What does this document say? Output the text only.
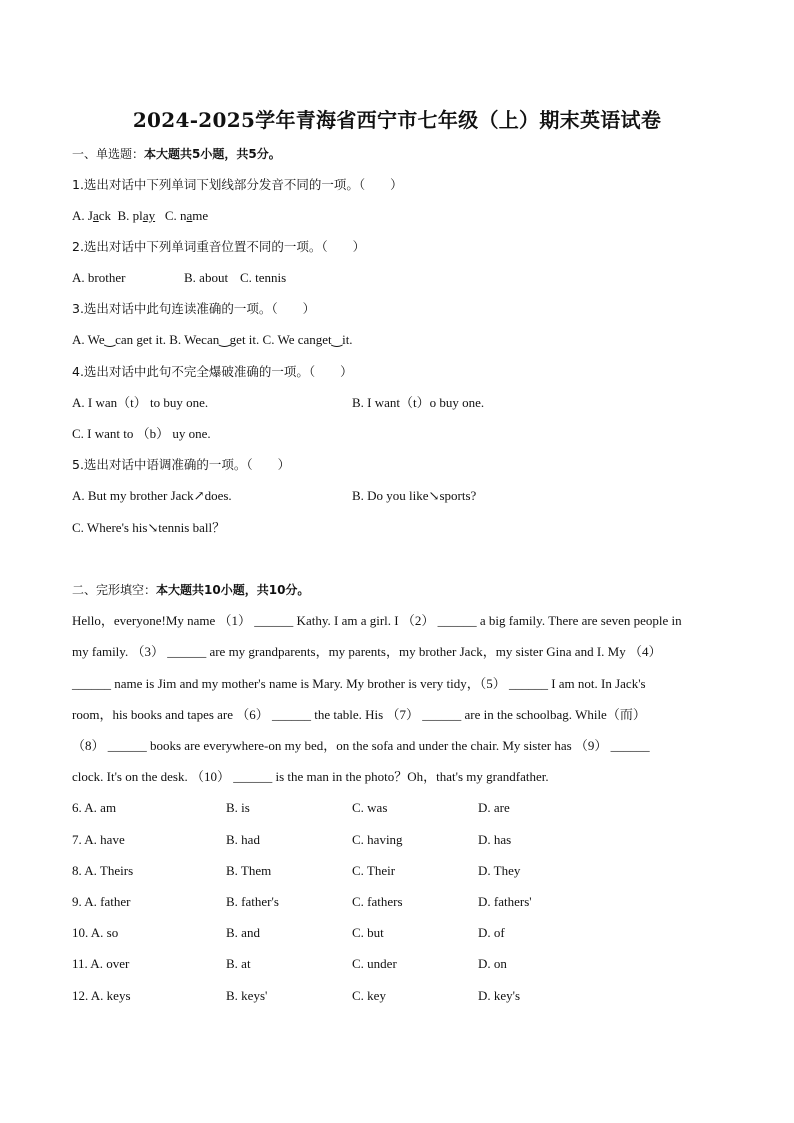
2024-2025学年青海省西宁市七年级（上）期末英语试卷
一、单选题：本大题共5小题，共5分。
1.选出对话中下列单词下划线部分发音不同的一项。（　　）
A. Jack B. play C. name
2.选出对话中下列单词重音位置不同的一项。（　　）
A. brother	B. about C. tennis
3.选出对话中此句连读准确的一项。（　　）
A. We‿can get it. B. Wecan‿get it. C. We canget‿it.
4.选出对话中此句不完全爆破准确的一项。（　　）
A. I wan（t） to buy one.	B. I want（t）o buy one.
C. I want to （b） uy one.
5.选出对话中语调准确的一项。（　　）
A. But my brother Jack↗does.	B. Do you like↘sports?
C. Where's his↘tennis ball？
二、完形填空：本大题共10小题，共10分。
Hello，everyone!My name （1） ______ Kathy. I am a girl. I （2） ______ a big family. There are seven people in
my family. （3） ______ are my grandparents，my parents，my brother Jack，my sister Gina and I. My （4）
______ name is Jim and my mother's name is Mary. My brother is very tidy，（5） ______ I am not. In Jack's
room，his books and tapes are （6） ______ the table. His （7） ______ are in the schoolbag. While（而）
（8） ______ books are everywhere-on my bed，on the sofa and under the chair. My sister has （9） ______
clock. It's on the desk. （10） ______ is the man in the photo？Oh，that's my grandfather.
6. A. am	B. is	C. was	D. are
7. A. have	B. had	C. having	D. has
8. A. Theirs	B. Them	C. Their	D. They
9. A. father	B. father's	C. fathers	D. fathers'
10. A. so	B. and	C. but	D. of
11. A. over	B. at	C. under	D. on
12. A. keys	B. keys'	C. key	D. key's
